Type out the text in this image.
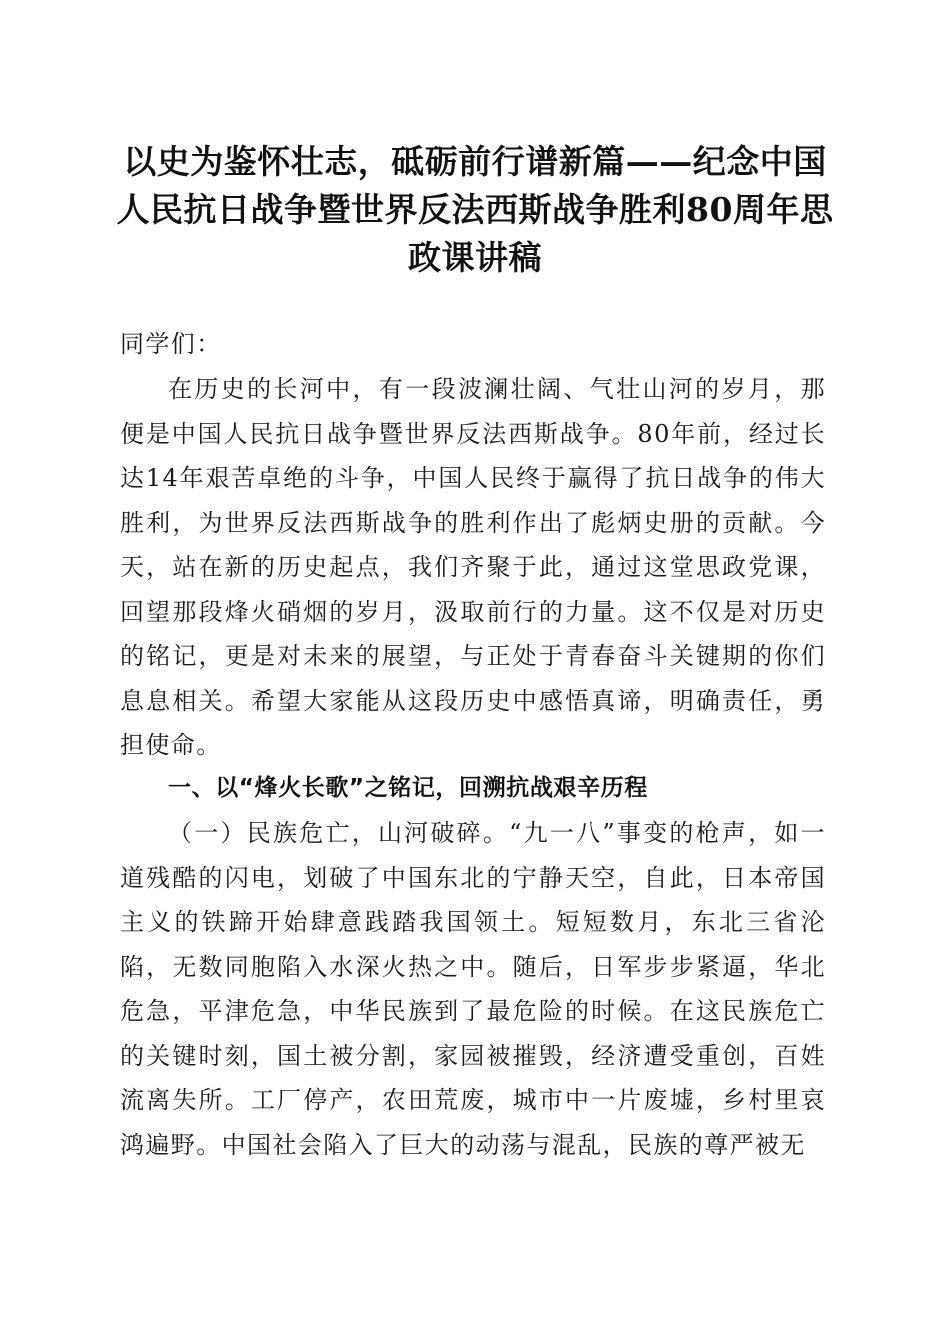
以史为鉴怀壮志，砥砺前行谱新篇——纪念中国人民抗日战争暨世界反法西斯战争胜利80周年思政课讲稿

同学们：

在历史的长河中，有一段波澜壮阔、气壮山河的岁月，那便是中国人民抗日战争暨世界反法西斯战争。80年前，经过长达14年艰苦卓绝的斗争，中国人民终于赢得了抗日战争的伟大胜利，为世界反法西斯战争的胜利作出了彪炳史册的贡献。今天，站在新的历史起点，我们齐聚于此，通过这堂思政党课，回望那段烽火硝烟的岁月，汲取前行的力量。这不仅是对历史的铭记，更是对未来的展望，与正处于青春奋斗关键期的你们息息相关。希望大家能从这段历史中感悟真谛，明确责任，勇担使命。

一、以“烽火长歌”之铭记，回溯抗战艰辛历程

（一）民族危亡，山河破碎。“九一八”事变的枪声，如一道残酷的闪电，划破了中国东北的宁静天空，自此，日本帝国主义的铁蹄开始肆意践踏我国领土。短短数月，东北三省沦陷，无数同胞陷入水深火热之中。随后，日军步步紧逼，华北危急，平津危急，中华民族到了最危险的时候。在这民族危亡的关键时刻，国土被分割，家园被摧毁，经济遭受重创，百姓流离失所。工厂停产，农田荒废，城市中一片废墟，乡村里哀鸿遍野。中国社会陷入了巨大的动荡与混乱，民族的尊严被无
